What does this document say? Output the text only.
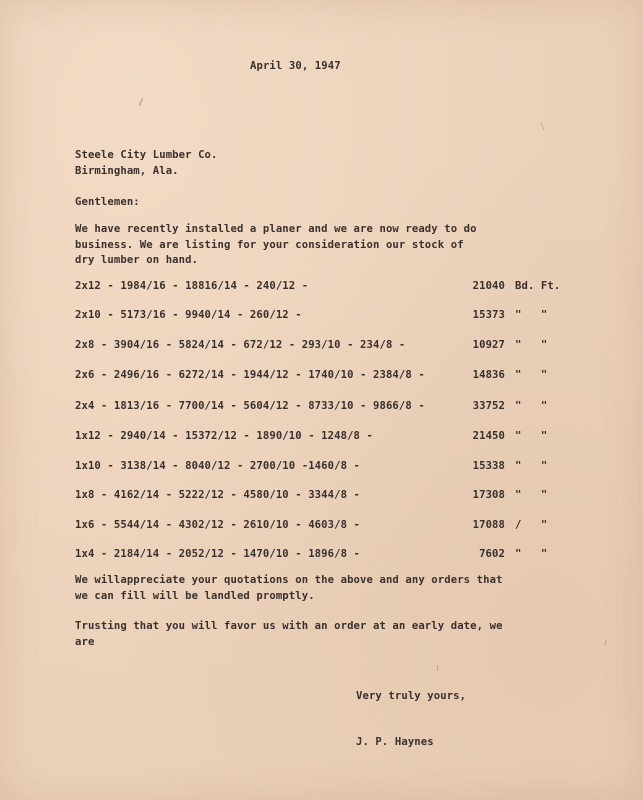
April 30, 1947
Steele City Lumber Co.
Birmingham, Ala.
Gentlemen:
We have recently installed a planer and we are now ready to do
business. We are listing for your consideration our stock of
dry lumber on hand.
2x12 - 1984/16 - 18816/14 - 240/12 -	21040 Bd. Ft.
2x10 - 5173/16 - 9940/14 - 260/12 -	15373 "   "
2x8 - 3904/16 - 5824/14 - 672/12 - 293/10 - 234/8 -	10927 "   "
2x6 - 2496/16 - 6272/14 - 1944/12 - 1740/10 - 2384/8 -	14836 "   "
2x4 - 1813/16 - 7700/14 - 5604/12 - 8733/10 - 9866/8 -	33752 "   "
1x12 - 2940/14 - 15372/12 - 1890/10 - 1248/8 -	21450 "   "
1x10 - 3138/14 - 8040/12 - 2700/10 -1460/8 -	15338 "   "
1x8 - 4162/14 - 5222/12 - 4580/10 - 3344/8 -	17308 "   "
1x6 - 5544/14 - 4302/12 - 2610/10 - 4603/8 -	17088 /   "
1x4 - 2184/14 - 2052/12 - 1470/10 - 1896/8 -	7602 "   "
We willappreciate your quotations on the above and any orders that
we can fill will be landled promptly.
Trusting that you will favor us with an order at an early date, we
are
Very truly yours,
J. P. Haynes
